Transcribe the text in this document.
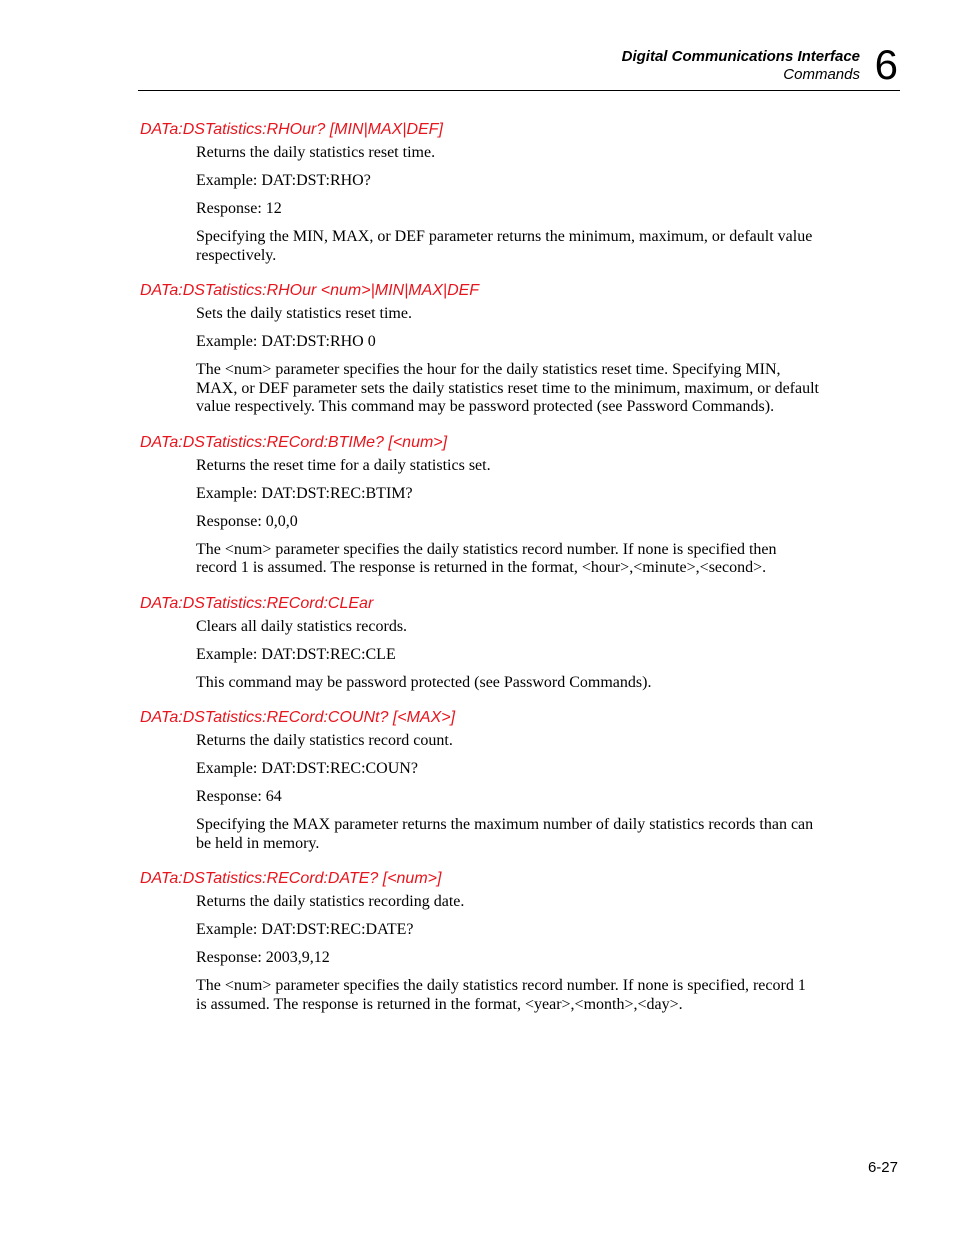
Digital Communications Interface
Commands 6
DATa:DSTatistics:RHOur? [MIN|MAX|DEF]

Returns the daily statistics reset time.

Example: DAT:DST:RHO?

Response: 12

Specifying the MIN, MAX, or DEF parameter returns the minimum, maximum, or default value respectively.

DATa:DSTatistics:RHOur <num>|MIN|MAX|DEF

Sets the daily statistics reset time.

Example: DAT:DST:RHO 0

The <num> parameter specifies the hour for the daily statistics reset time. Specifying MIN, MAX, or DEF parameter sets the daily statistics reset time to the minimum, maximum, or default value respectively. This command may be password protected (see Password Commands).

DATa:DSTatistics:RECord:BTIMe? [<num>]

Returns the reset time for a daily statistics set.

Example: DAT:DST:REC:BTIM?

Response: 0,0,0

The <num> parameter specifies the daily statistics record number. If none is specified then record 1 is assumed. The response is returned in the format, <hour>,<minute>,<second>.

DATa:DSTatistics:RECord:CLEar

Clears all daily statistics records.

Example: DAT:DST:REC:CLE

This command may be password protected (see Password Commands).

DATa:DSTatistics:RECord:COUNt? [<MAX>]

Returns the daily statistics record count.

Example: DAT:DST:REC:COUN?

Response: 64

Specifying the MAX parameter returns the maximum number of daily statistics records than can be held in memory.

DATa:DSTatistics:RECord:DATE? [<num>]

Returns the daily statistics recording date.

Example: DAT:DST:REC:DATE?

Response: 2003,9,12

The <num> parameter specifies the daily statistics record number. If none is specified, record 1 is assumed. The response is returned in the format, <year>,<month>,<day>.

6-27
